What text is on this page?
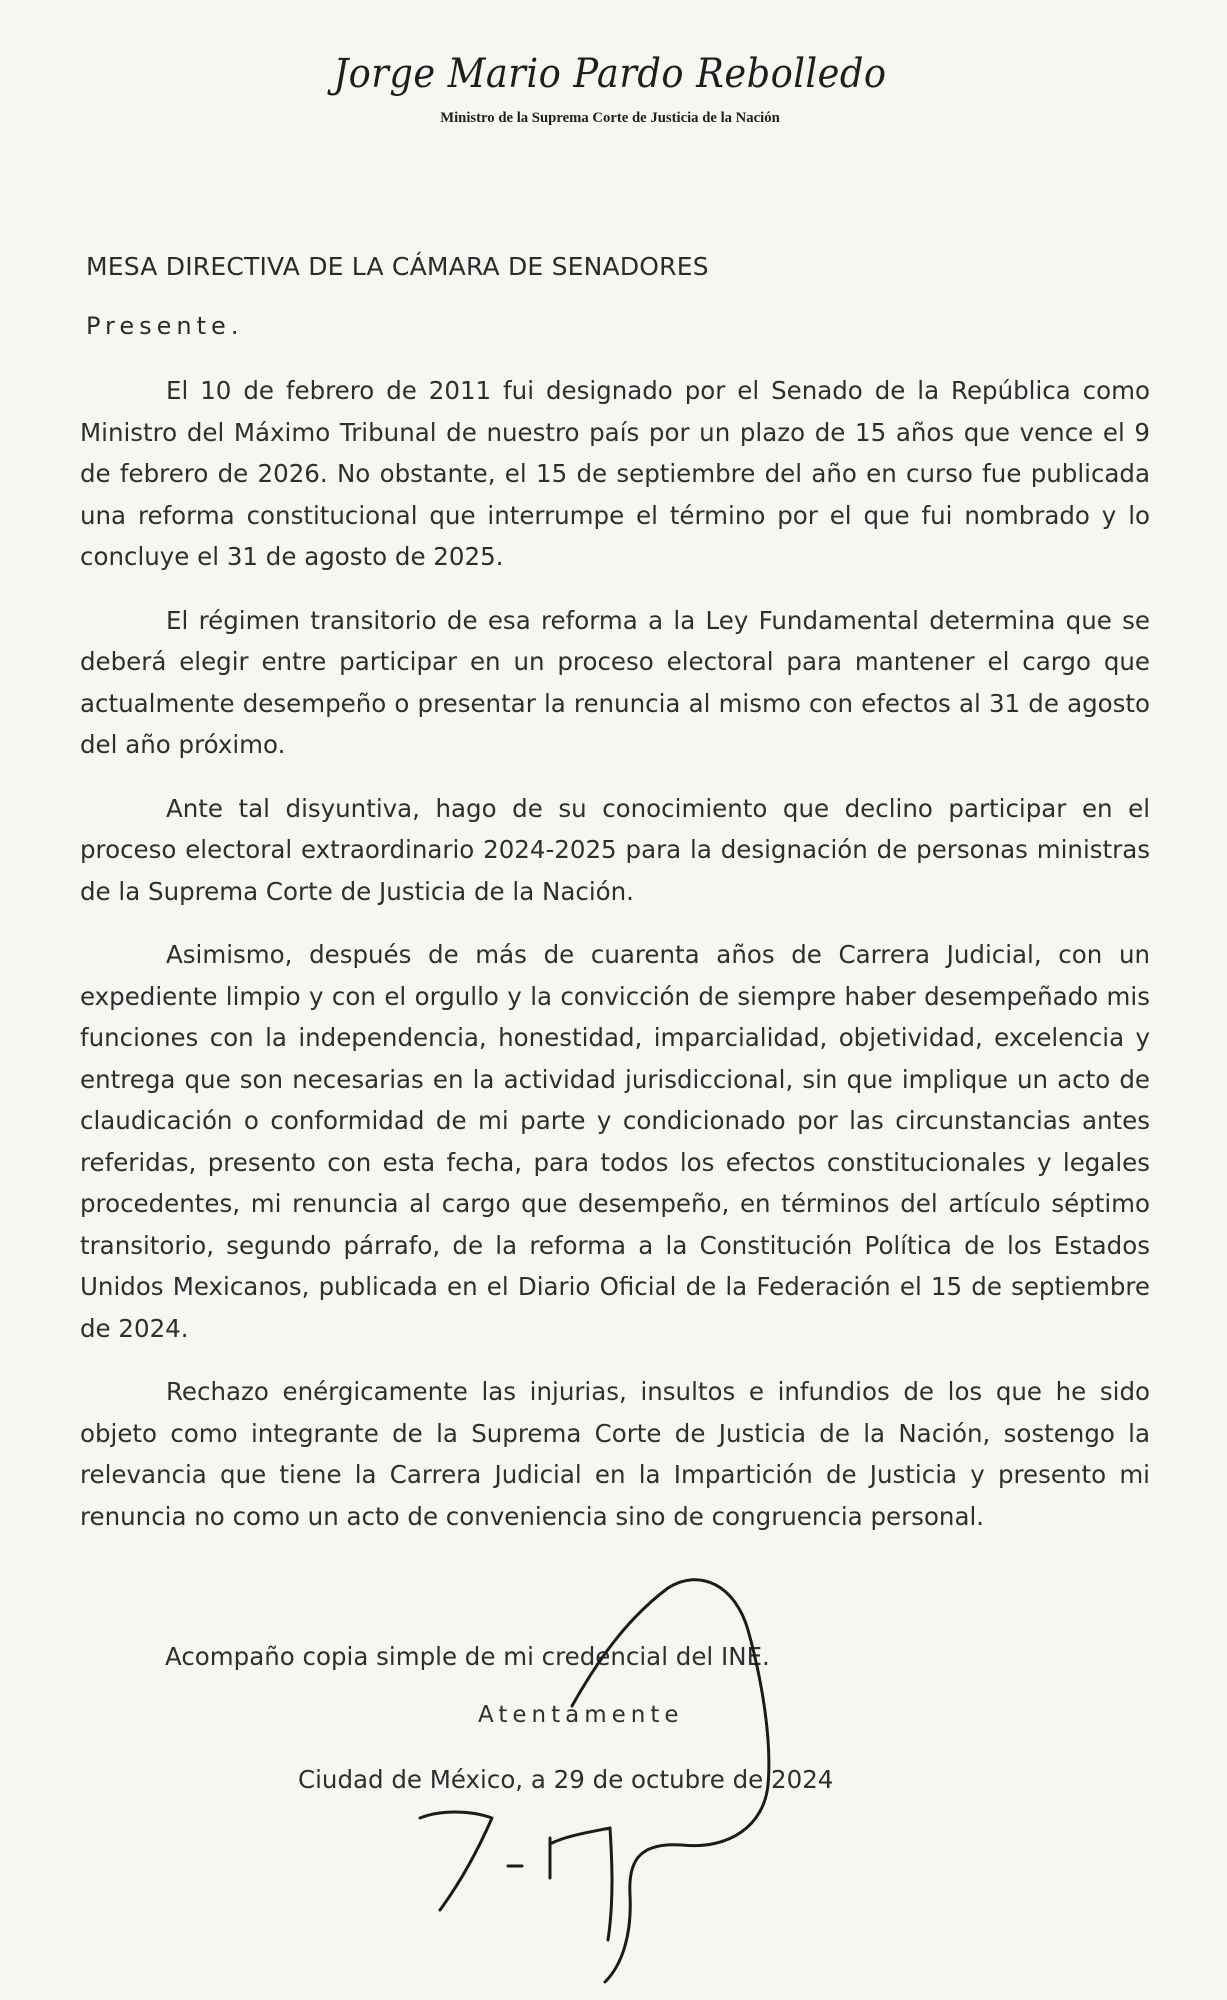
Jorge Mario Pardo Rebolledo
Ministro de la Suprema Corte de Justicia de la Nación
MESA DIRECTIVA DE LA CÁMARA DE SENADORES
Presente.

El 10 de febrero de 2011 fui designado por el Senado de la República como Ministro del Máximo Tribunal de nuestro país por un plazo de 15 años que vence el 9 de febrero de 2026. No obstante, el 15 de septiembre del año en curso fue publicada una reforma constitucional que interrumpe el término por el que fui nombrado y lo concluye el 31 de agosto de 2025.

El régimen transitorio de esa reforma a la Ley Fundamental determina que se deberá elegir entre participar en un proceso electoral para mantener el cargo que actualmente desempeño o presentar la renuncia al mismo con efectos al 31 de agosto del año próximo.

Ante tal disyuntiva, hago de su conocimiento que declino participar en el proceso electoral extraordinario 2024-2025 para la designación de personas ministras de la Suprema Corte de Justicia de la Nación.

Asimismo, después de más de cuarenta años de Carrera Judicial, con un expediente limpio y con el orgullo y la convicción de siempre haber desempeñado mis funciones con la independencia, honestidad, imparcialidad, objetividad, excelencia y entrega que son necesarias en la actividad jurisdiccional, sin que implique un acto de claudicación o conformidad de mi parte y condicionado por las circunstancias antes referidas, presento con esta fecha, para todos los efectos constitucionales y legales procedentes, mi renuncia al cargo que desempeño, en términos del artículo séptimo transitorio, segundo párrafo, de la reforma a la Constitución Política de los Estados Unidos Mexicanos, publicada en el Diario Oficial de la Federación el 15 de septiembre de 2024.

Rechazo enérgicamente las injurias, insultos e infundios de los que he sido objeto como integrante de la Suprema Corte de Justicia de la Nación, sostengo la relevancia que tiene la Carrera Judicial en la Impartición de Justicia y presento mi renuncia no como un acto de conveniencia sino de congruencia personal.

Acompaño copia simple de mi credencial del INE.
Atentamente
Ciudad de México, a 29 de octubre de 2024
